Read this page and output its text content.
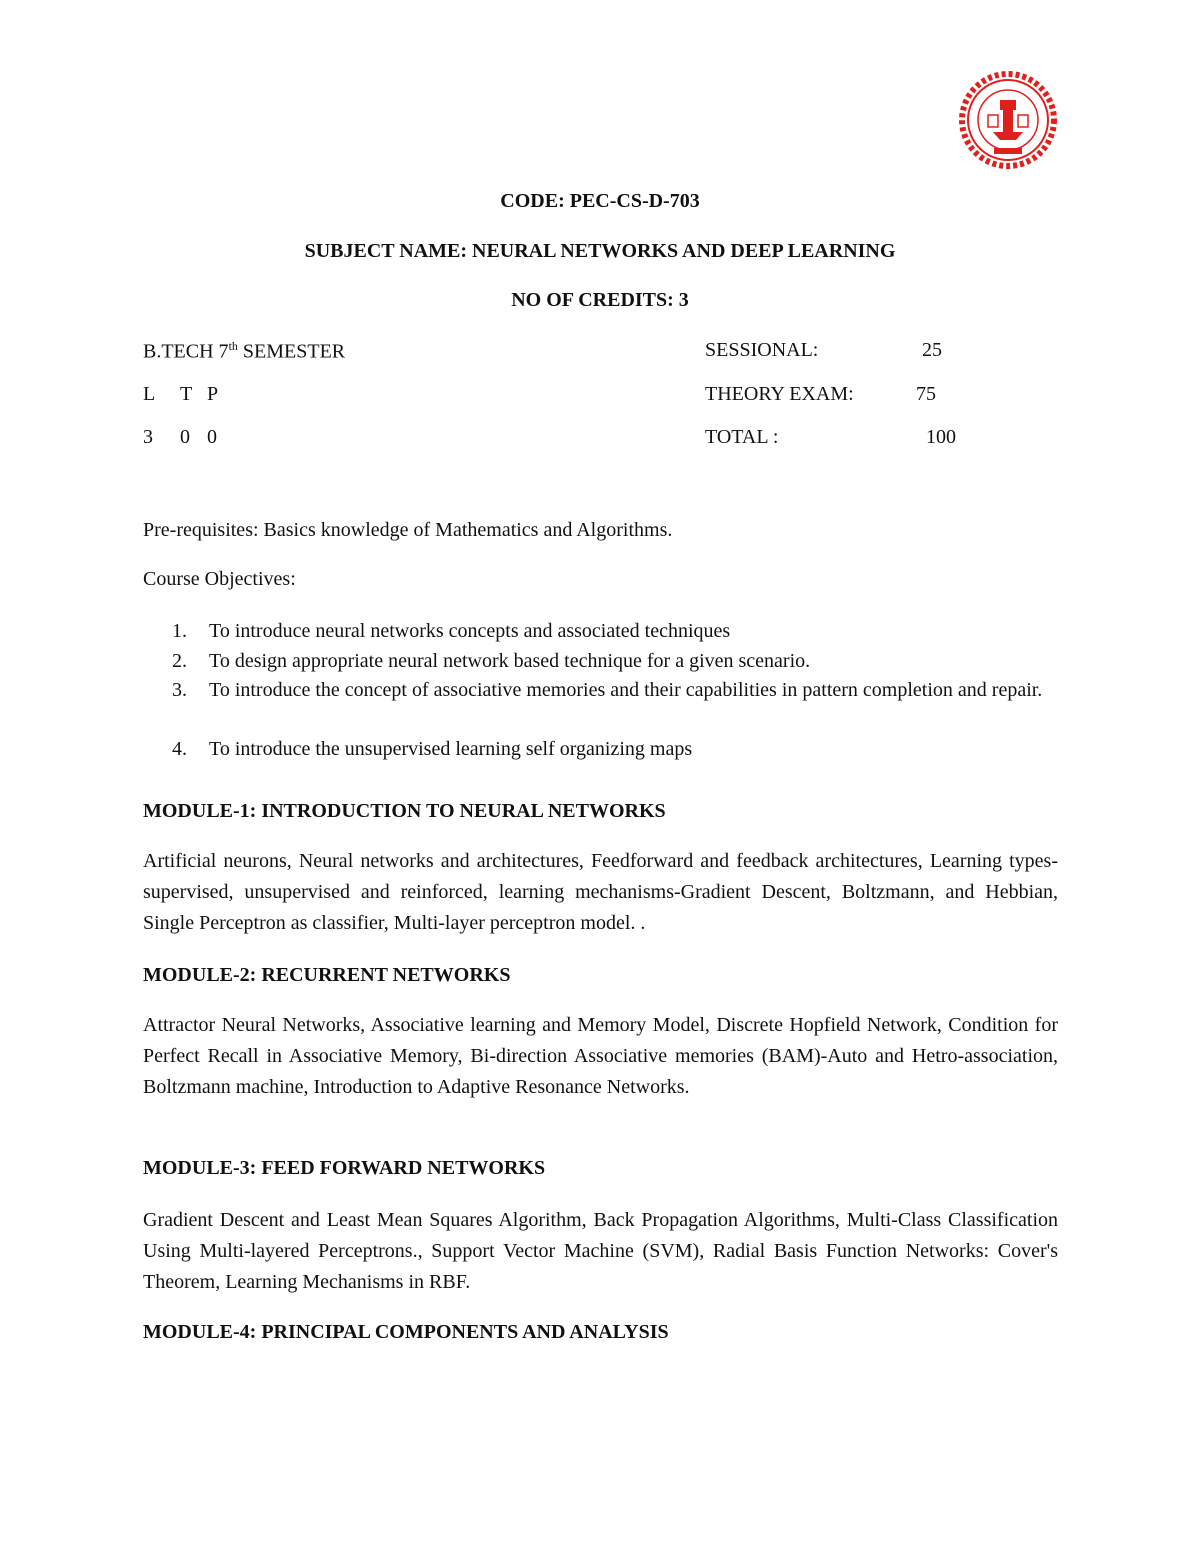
CODE: PEC-CS-D-703
SUBJECT NAME: NEURAL NETWORKS AND DEEP LEARNING
NO OF CREDITS: 3
B.TECH 7th SEMESTER
L T P
3 0 0
SESSIONAL:	25
THEORY EXAM:	75
TOTAL :	100
Pre-requisites: Basics knowledge of Mathematics and Algorithms.
Course Objectives:
1. To introduce neural networks concepts and associated techniques
2. To design appropriate neural network based technique for a given scenario.
3. To introduce the concept of associative memories and their capabilities in pattern completion and repair.
4. To introduce the unsupervised learning self organizing maps
MODULE-1: INTRODUCTION TO NEURAL NETWORKS
Artificial neurons, Neural networks and architectures, Feedforward and feedback architectures, Learning types-supervised, unsupervised and reinforced, learning mechanisms-Gradient Descent, Boltzmann, and Hebbian, Single Perceptron as classifier, Multi-layer perceptron model. .
MODULE-2: RECURRENT NETWORKS
Attractor Neural Networks, Associative learning and Memory Model, Discrete Hopfield Network, Condition for Perfect Recall in Associative Memory, Bi-direction Associative memories (BAM)-Auto and Hetro-association, Boltzmann machine, Introduction to Adaptive Resonance Networks.
MODULE-3: FEED FORWARD NETWORKS
Gradient Descent and Least Mean Squares Algorithm, Back Propagation Algorithms, Multi-Class Classification Using Multi-layered Perceptrons., Support Vector Machine (SVM), Radial Basis Function Networks: Cover's Theorem, Learning Mechanisms in RBF.
MODULE-4: PRINCIPAL COMPONENTS AND ANALYSIS
